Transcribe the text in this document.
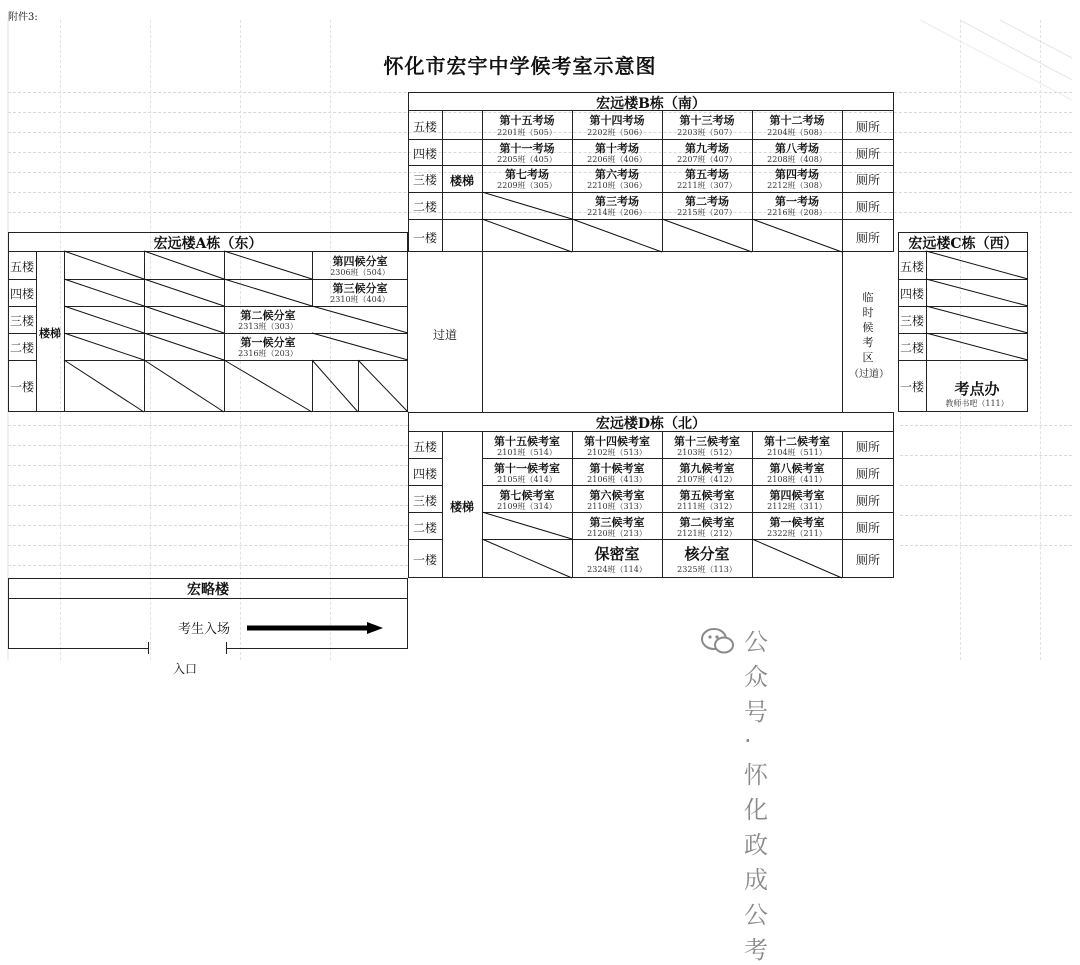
附件3:
怀化市宏宇中学候考室示意图
宏远楼B栋（南）
五楼
四楼
三楼
二楼
一楼
楼梯
第十五考场
2201班（505）
第十四考场
2202班（506）
第十三考场
2203班（507）
第十二考场
2204班（508）
第十一考场
2205班（405）
第十考场
2206班（406）
第九考场
2207班（407）
第八考场
2208班（408）
第七考场
2209班（305）
第六考场
2210班（306）
第五考场
2211班（307）
第四考场
2212班（308）
第三考场
2214班（206）
第二考场
2215班（207）
第一考场
2216班（208）
厕所
厕所
厕所
厕所
厕所
宏远楼A栋（东）
五楼
四楼
三楼
二楼
一楼
楼梯
第四候分室
2306班（504）
第三候分室
2310班（404）
第二候分室
2313班（303）
第一候分室
2316班（203）
过道
临
时
候
考
区
（过道）
宏远楼C栋（西）
五楼
四楼
三楼
二楼
一楼	考点办
教师书吧（111）
宏远楼D栋（北）
五楼
四楼
三楼
二楼
一楼
楼梯
第十五候考室
2101班（514）
第十四候考室
2102班（513）
第十三候考室
2103班（512）
第十二候考室
2104班（511）
第十一候考室
2105班（414）
第十候考室
2106班（413）
第九候考室
2107班（412）
第八候考室
2108班（411）
第七候考室
2109班（314）
第六候考室
2110班（313）
第五候考室
2111班（312）
第四候考室
2112班（311）
第三候考室
2120班（213）
第二候考室
2121班（212）
第一候考室
2322班（211）
保密室
2324班（114）
核分室
2325班（113）
厕所
厕所
厕所
厕所
厕所
宏略楼
考生入场
入口
公众号 · 怀化政成公考
